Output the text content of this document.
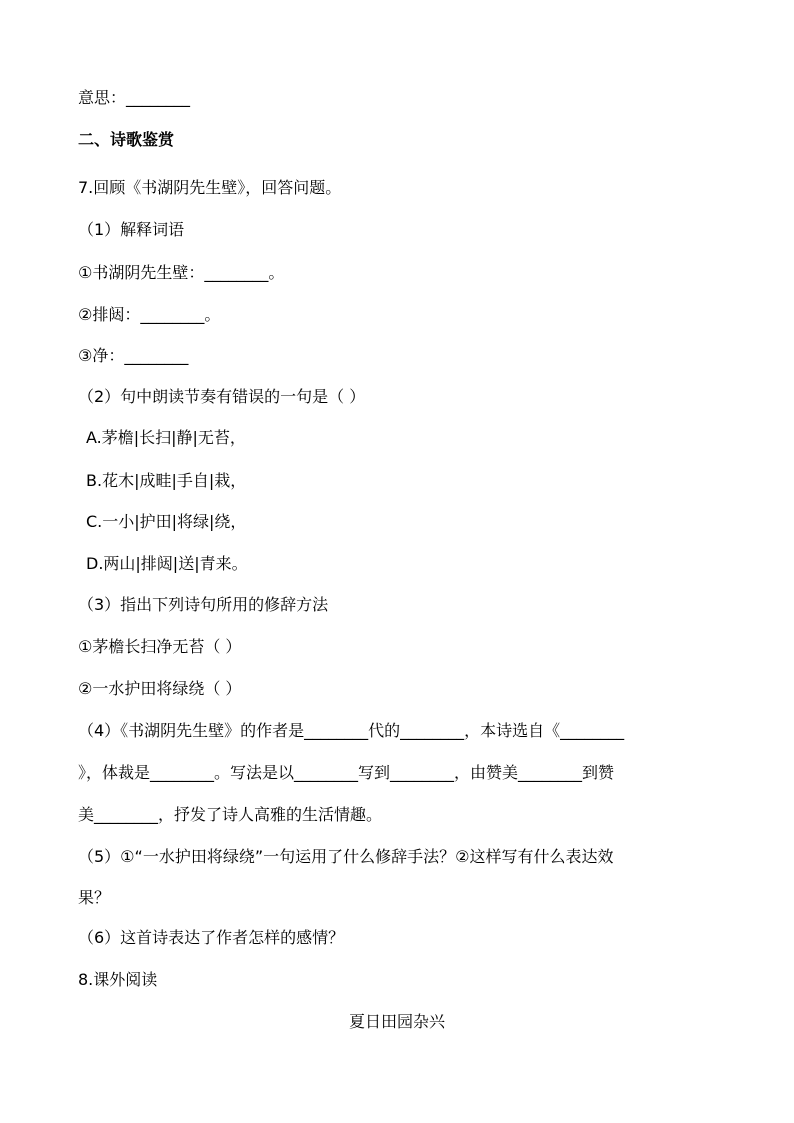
意思：________
二、诗歌鉴赏
7.回顾《书湖阴先生壁》，回答问题。
（1）解释词语
①书湖阴先生壁：________。
②排闼：________。
③净：________
（2）句中朗读节奏有错误的一句是（ ）
A.茅檐|长扫|静|无苔，
B.花木|成畦|手自|栽，
C.一小|护田|将绿|绕，
D.两山|排闼|送|青来。
（3）指出下列诗句所用的修辞方法
①茅檐长扫净无苔（ ）
②一水护田将绿绕（ ）
（4）《书湖阴先生壁》的作者是________代的________，本诗选自《________
》，体裁是________。写法是以________写到________，由赞美________到赞
美________，抒发了诗人高雅的生活情趣。
（5）①“一水护田将绿绕”一句运用了什么修辞手法？②这样写有什么表达效
果？
（6）这首诗表达了作者怎样的感情？
8.课外阅读
夏日田园杂兴
